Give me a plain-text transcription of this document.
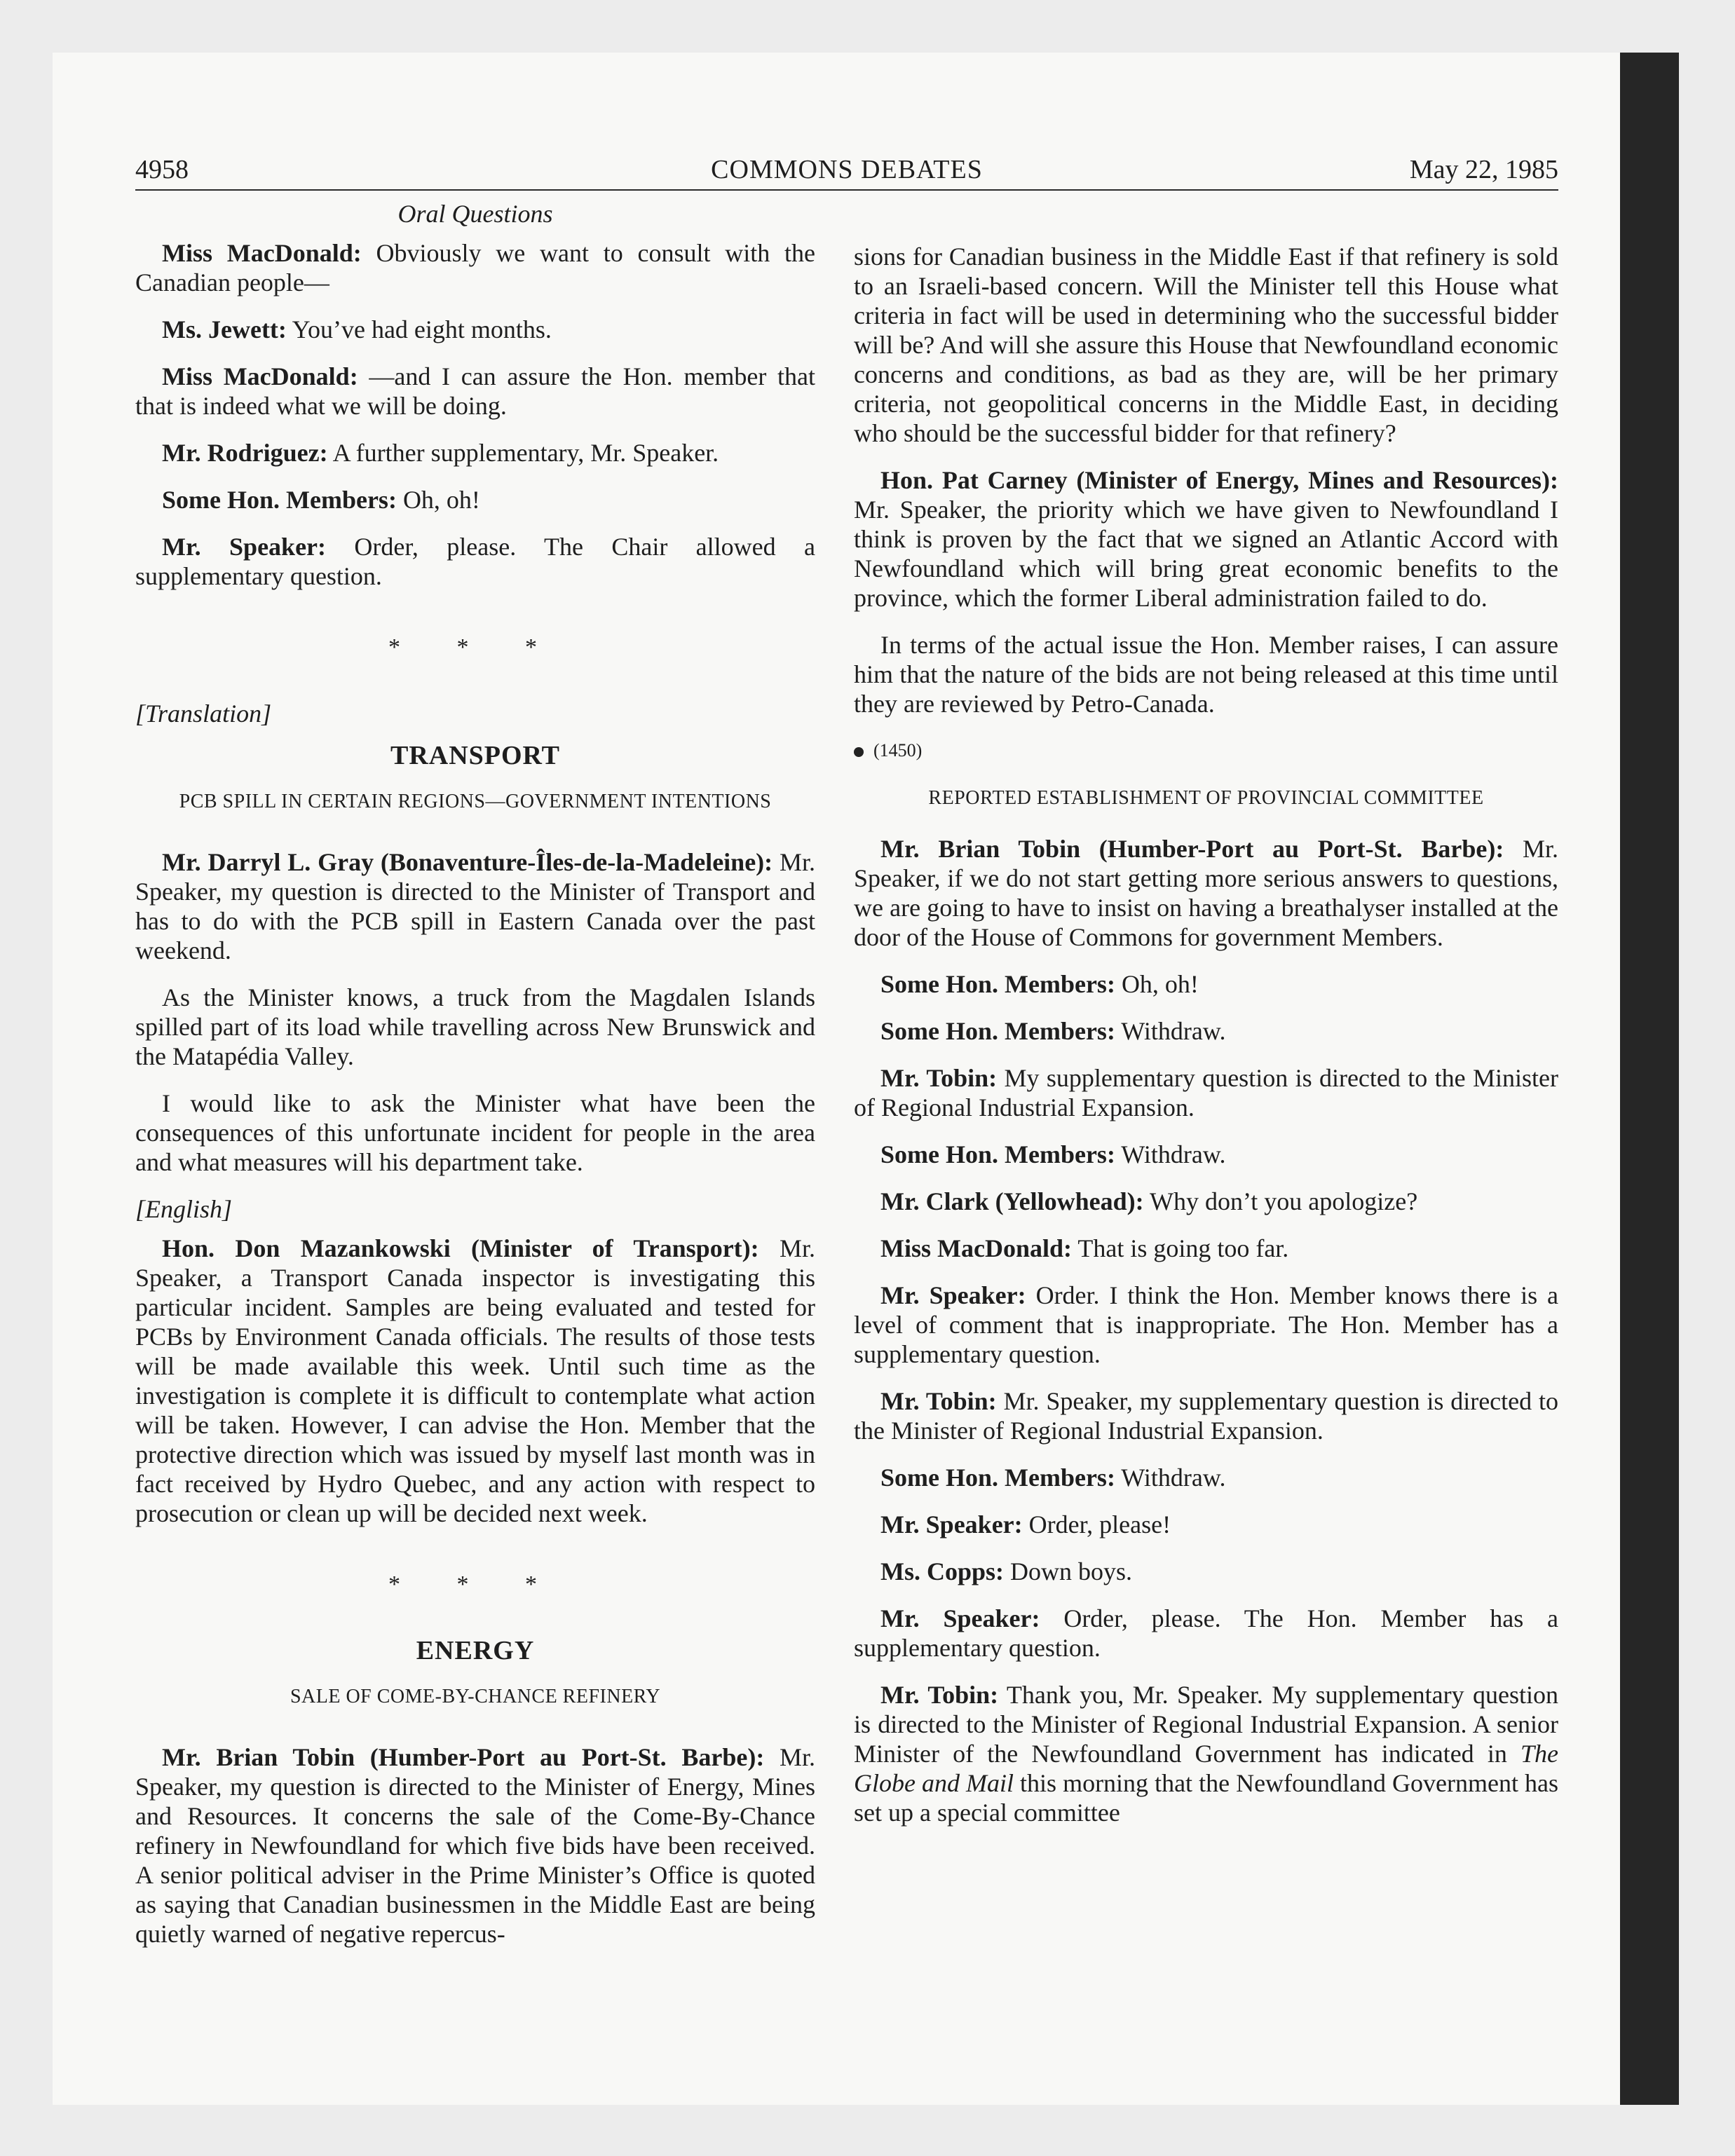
4958	COMMONS DEBATES	May 22, 1985

Oral Questions

Miss MacDonald: Obviously we want to consult with the Canadian people—

Ms. Jewett: You’ve had eight months.

Miss MacDonald: —and I can assure the Hon. member that that is indeed what we will be doing.

Mr. Rodriguez: A further supplementary, Mr. Speaker.

Some Hon. Members: Oh, oh!

Mr. Speaker: Order, please. The Chair allowed a supplementary question.

* * *

[Translation]

TRANSPORT
PCB SPILL IN CERTAIN REGIONS—GOVERNMENT INTENTIONS

Mr. Darryl L. Gray (Bonaventure-Îles-de-la-Madeleine): Mr. Speaker, my question is directed to the Minister of Transport and has to do with the PCB spill in Eastern Canada over the past weekend.

As the Minister knows, a truck from the Magdalen Islands spilled part of its load while travelling across New Brunswick and the Matapédia Valley.

I would like to ask the Minister what have been the consequences of this unfortunate incident for people in the area and what measures will his department take.

[English]

Hon. Don Mazankowski (Minister of Transport): Mr. Speaker, a Transport Canada inspector is investigating this particular incident. Samples are being evaluated and tested for PCBs by Environment Canada officials. The results of those tests will be made available this week. Until such time as the investigation is complete it is difficult to contemplate what action will be taken. However, I can advise the Hon. Member that the protective direction which was issued by myself last month was in fact received by Hydro Quebec, and any action with respect to prosecution or clean up will be decided next week.

* * *
ENERGY
SALE OF COME-BY-CHANCE REFINERY

Mr. Brian Tobin (Humber-Port au Port-St. Barbe): Mr. Speaker, my question is directed to the Minister of Energy, Mines and Resources. It concerns the sale of the Come-By-Chance refinery in Newfoundland for which five bids have been received. A senior political adviser in the Prime Minister’s Office is quoted as saying that Canadian businessmen in the Middle East are being quietly warned of negative repercus-

sions for Canadian business in the Middle East if that refinery is sold to an Israeli-based concern. Will the Minister tell this House what criteria in fact will be used in determining who the successful bidder will be? And will she assure this House that Newfoundland economic concerns and conditions, as bad as they are, will be her primary criteria, not geopolitical concerns in the Middle East, in deciding who should be the successful bidder for that refinery?

Hon. Pat Carney (Minister of Energy, Mines and Resources): Mr. Speaker, the priority which we have given to Newfoundland I think is proven by the fact that we signed an Atlantic Accord with Newfoundland which will bring great economic benefits to the province, which the former Liberal administration failed to do.

In terms of the actual issue the Hon. Member raises, I can assure him that the nature of the bids are not being released at this time until they are reviewed by Petro-Canada.

(1450)
REPORTED ESTABLISHMENT OF PROVINCIAL COMMITTEE

Mr. Brian Tobin (Humber-Port au Port-St. Barbe): Mr. Speaker, if we do not start getting more serious answers to questions, we are going to have to insist on having a breathalyser installed at the door of the House of Commons for government Members.

Some Hon. Members: Oh, oh!

Some Hon. Members: Withdraw.

Mr. Tobin: My supplementary question is directed to the Minister of Regional Industrial Expansion.

Some Hon. Members: Withdraw.

Mr. Clark (Yellowhead): Why don’t you apologize?

Miss MacDonald: That is going too far.

Mr. Speaker: Order. I think the Hon. Member knows there is a level of comment that is inappropriate. The Hon. Member has a supplementary question.

Mr. Tobin: Mr. Speaker, my supplementary question is directed to the Minister of Regional Industrial Expansion.

Some Hon. Members: Withdraw.

Mr. Speaker: Order, please!

Ms. Copps: Down boys.

Mr. Speaker: Order, please. The Hon. Member has a supplementary question.

Mr. Tobin: Thank you, Mr. Speaker. My supplementary question is directed to the Minister of Regional Industrial Expansion. A senior Minister of the Newfoundland Government has indicated in The Globe and Mail this morning that the Newfoundland Government has set up a special committee
